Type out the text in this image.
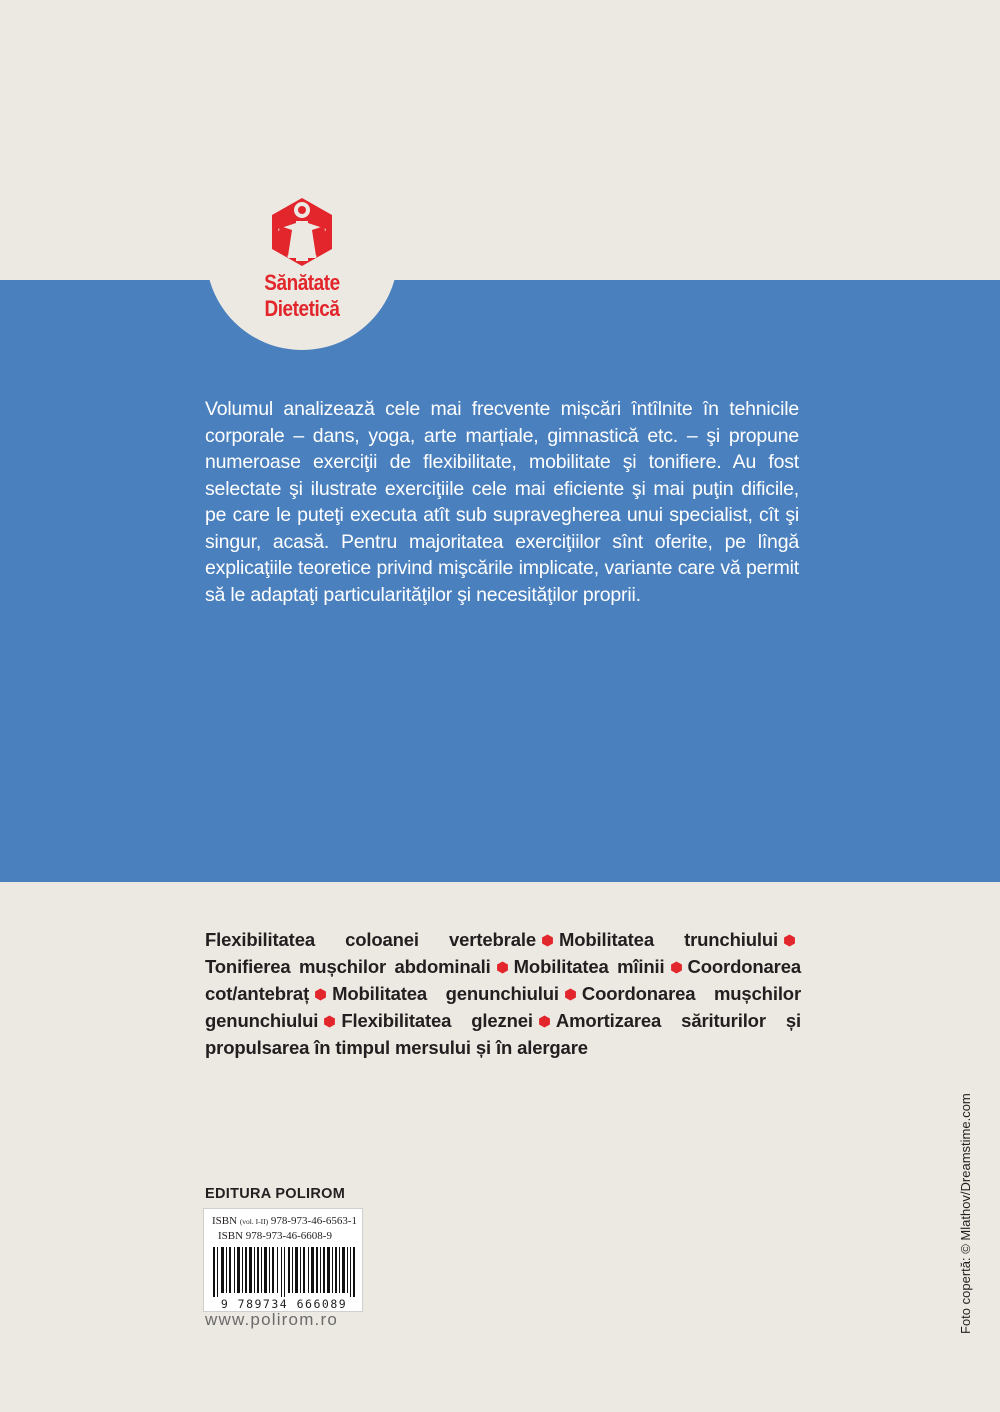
Sănătate
Dietetică
Volumul analizează cele mai frecvente mișcări întîlnite în tehnicile corporale – dans, yoga, arte marțiale, gimnastică etc. – şi propune numeroase exerciţii de flexibilitate, mobilitate şi tonifiere. Au fost selectate şi ilustrate exerciţiile cele mai eficiente şi mai puţin dificile, pe care le puteţi executa atît sub supravegherea unui specialist, cît şi singur, acasă. Pentru majoritatea exerciţiilor sînt oferite, pe lîngă explicaţiile teoretice privind mişcările implicate, variante care vă permit să le adaptaţi particularităţilor şi necesităţilor proprii.
Flexibilitatea coloanei vertebrale Mobilitatea trunchiuluiTonifierea mușchilor abdominali Mobilitatea mîinii Coordonarea cot/antebraț Mobilitatea genunchiului Coordonarea mușchilor genunchiului Flexibilitatea gleznei Amortizarea săriturilor și propulsarea în timpul mersului și în alergare
EDITURA POLIROM
ISBN (vol. I-II) 978-973-46-6563-1
ISBN 978-973-46-6608-9
9 789734 666089
www.polirom.ro	Foto copertă: © Mlathov/Dreamstime.com
